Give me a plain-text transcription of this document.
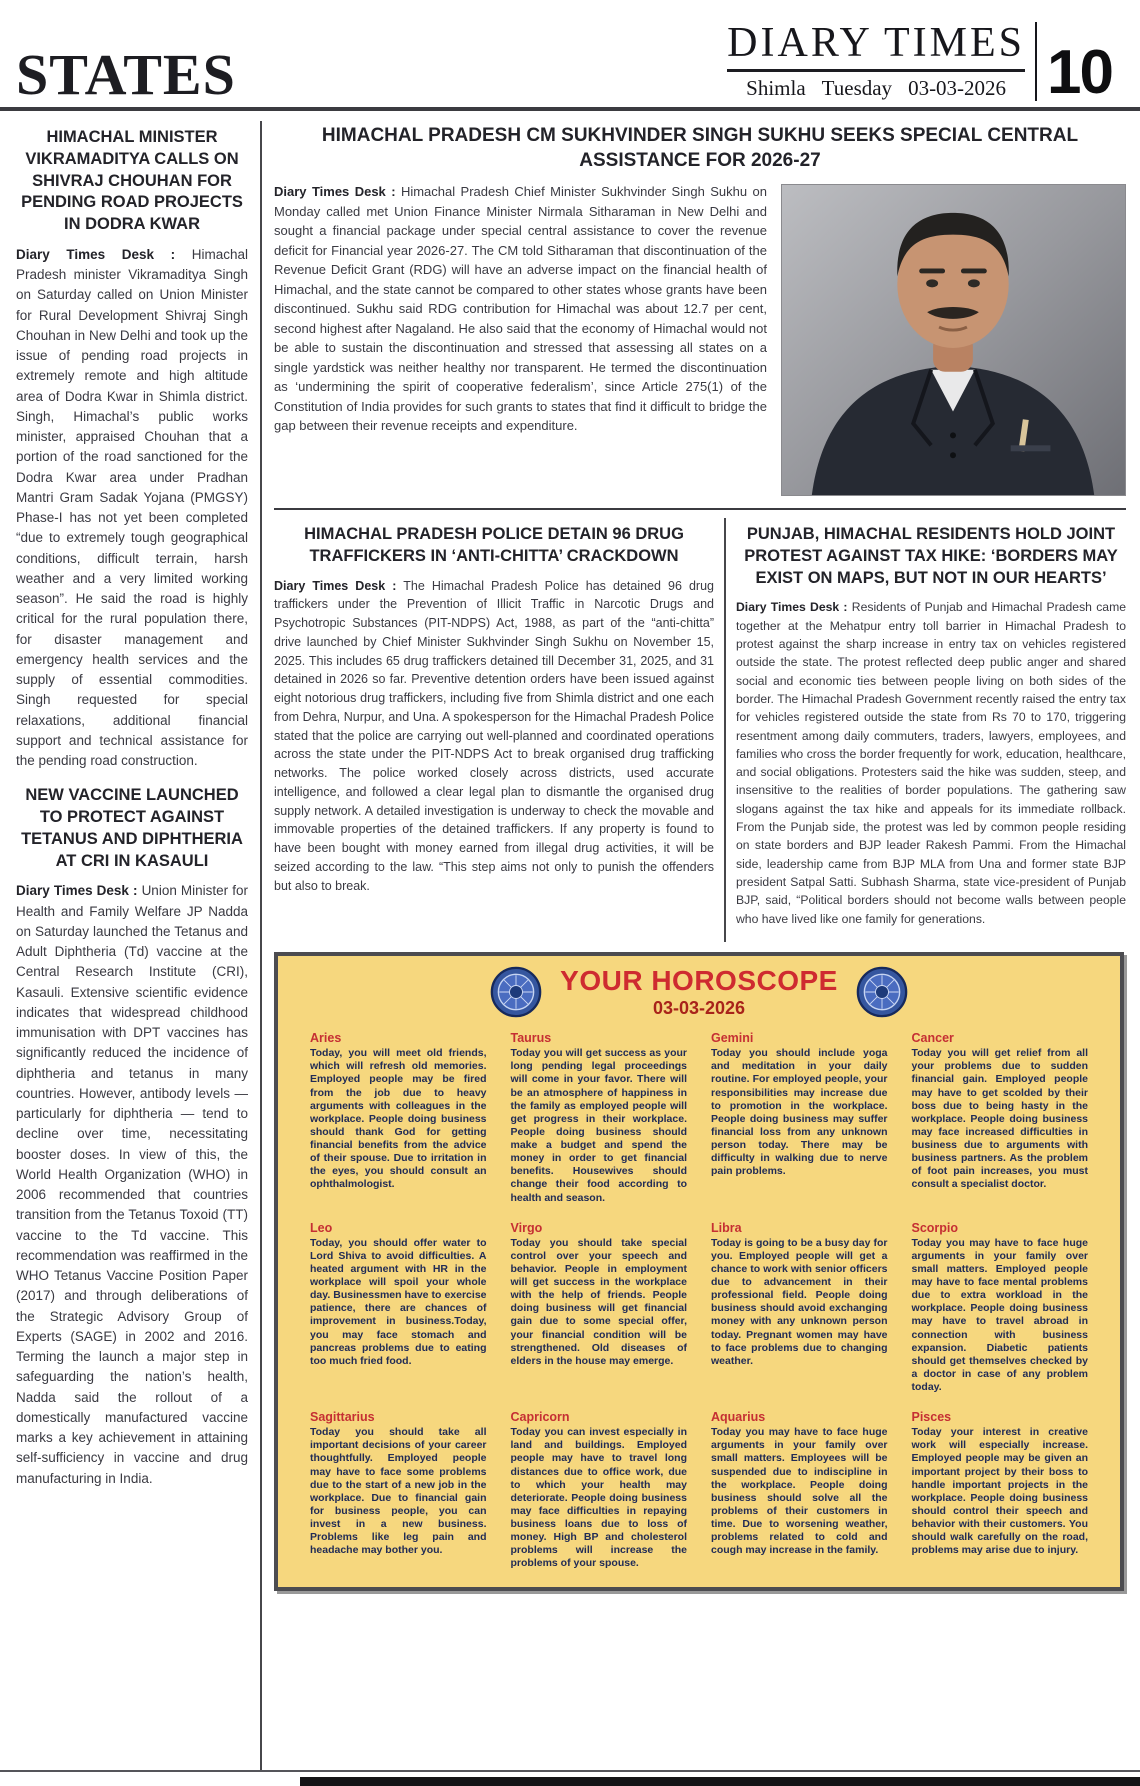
STATES	DIARY TIMES
Shimla Tuesday 03-03-2026 10
HIMACHAL MINISTER VIKRAMADITYA CALLS ON SHIVRAJ CHOUHAN FOR PENDING ROAD PROJECTS IN DODRA KWAR

Diary Times Desk : Himachal Pradesh minister Vikramaditya Singh on Saturday called on Union Minister for Rural Development Shivraj Singh Chouhan in New Delhi and took up the issue of pending road projects in extremely remote and high altitude area of Dodra Kwar in Shimla district. Singh, Himachal’s public works minister, appraised Chouhan that a portion of the road sanctioned for the Dodra Kwar area under Pradhan Mantri Gram Sadak Yojana (PMGSY) Phase-I has not yet been completed “due to extremely tough geographical conditions, difficult terrain, harsh weather and a very limited working season”. He said the road is highly critical for the rural population there, for disaster management and emergency health services and the supply of essential commodities. Singh requested for special relaxations, additional financial support and technical assistance for the pending road construction.

NEW VACCINE LAUNCHED TO PROTECT AGAINST TETANUS AND DIPHTHERIA AT CRI IN KASAULI

Diary Times Desk : Union Minister for Health and Family Welfare JP Nadda on Saturday launched the Tetanus and Adult Diphtheria (Td) vaccine at the Central Research Institute (CRI), Kasauli. Extensive scientific evidence indicates that widespread childhood immunisation with DPT vaccines has significantly reduced the incidence of diphtheria and tetanus in many countries. However, antibody levels — particularly for diphtheria — tend to decline over time, necessitating booster doses. In view of this, the World Health Organization (WHO) in 2006 recommended that countries transition from the Tetanus Toxoid (TT) vaccine to the Td vaccine. This recommendation was reaffirmed in the WHO Tetanus Vaccine Position Paper (2017) and through deliberations of the Strategic Advisory Group of Experts (SAGE) in 2002 and 2016. Terming the launch a major step in safeguarding the nation’s health, Nadda said the rollout of a domestically manufactured vaccine marks a key achievement in attaining self-sufficiency in vaccine and drug manufacturing in India.

HIMACHAL PRADESH CM SUKHVINDER SINGH SUKHU SEEKS SPECIAL CENTRAL ASSISTANCE FOR 2026-27

Diary Times Desk : Himachal Pradesh Chief Minister Sukhvinder Singh Sukhu on Monday called met Union Finance Minister Nirmala Sitharaman in New Delhi and sought a financial package under special central assistance to cover the revenue deficit for Financial year 2026-27. The CM told Sitharaman that discontinuation of the Revenue Deficit Grant (RDG) will have an adverse impact on the financial health of Himachal, and the state cannot be compared to other states whose grants have been discontinued. Sukhu said RDG contribution for Himachal was about 12.7 per cent, second highest after Nagaland. He also said that the economy of Himachal would not be able to sustain the discontinuation and stressed that assessing all states on a single yardstick was neither healthy nor transparent. He termed the discontinuation as ‘undermining the spirit of cooperative federalism’, since Article 275(1) of the Constitution of India provides for such grants to states that find it difficult to bridge the gap between their revenue receipts and expenditure.

HIMACHAL PRADESH POLICE DETAIN 96 DRUG TRAFFICKERS IN ‘ANTI-CHITTA’ CRACKDOWN

Diary Times Desk : The Himachal Pradesh Police has detained 96 drug traffickers under the Prevention of Illicit Traffic in Narcotic Drugs and Psychotropic Substances (PIT-NDPS) Act, 1988, as part of the “anti-chitta” drive launched by Chief Minister Sukhvinder Singh Sukhu on November 15, 2025. This includes 65 drug traffickers detained till December 31, 2025, and 31 detained in 2026 so far. Preventive detention orders have been issued against eight notorious drug traffickers, including five from Shimla district and one each from Dehra, Nurpur, and Una. A spokesperson for the Himachal Pradesh Police stated that the police are carrying out well-planned and coordinated operations across the state under the PIT-NDPS Act to break organised drug trafficking networks. The police worked closely across districts, used accurate intelligence, and followed a clear legal plan to dismantle the organised drug supply network. A detailed investigation is underway to check the movable and immovable properties of the detained traffickers. If any property is found to have been bought with money earned from illegal drug activities, it will be seized according to the law. “This step aims not only to punish the offenders but also to break.

PUNJAB, HIMACHAL RESIDENTS HOLD JOINT PROTEST AGAINST TAX HIKE: ‘BORDERS MAY EXIST ON MAPS, BUT NOT IN OUR HEARTS’

Diary Times Desk : Residents of Punjab and Himachal Pradesh came together at the Mehatpur entry toll barrier in Himachal Pradesh to protest against the sharp increase in entry tax on vehicles registered outside the state. The protest reflected deep public anger and shared social and economic ties between people living on both sides of the border. The Himachal Pradesh Government recently raised the entry tax for vehicles registered outside the state from Rs 70 to 170, triggering resentment among daily commuters, traders, lawyers, employees, and families who cross the border frequently for work, education, healthcare, and social obligations. Protesters said the hike was sudden, steep, and insensitive to the realities of border populations. The gathering saw slogans against the tax hike and appeals for its immediate rollback. From the Punjab side, the protest was led by common people residing on state borders and BJP leader Rakesh Pammi. From the Himachal side, leadership came from BJP MLA from Una and former state BJP president Satpal Satti. Subhash Sharma, state vice-president of Punjab BJP, said, “Political borders should not become walls between people who have lived like one family for generations.

YOUR HOROSCOPE
03-03-2026
Aries

Today, you will meet old friends, which will refresh old memories. Employed people may be fired from the job due to heavy arguments with colleagues in the workplace. People doing business should thank God for getting financial benefits from the advice of their spouse. Due to irritation in the eyes, you should consult an ophthalmologist.

Taurus

Today you will get success as your long pending legal proceedings will come in your favor. There will be an atmosphere of happiness in the family as employed people will get progress in their workplace. People doing business should make a budget and spend the money in order to get financial benefits. Housewives should change their food according to health and season.

Gemini

Today you should include yoga and meditation in your daily routine. For employed people, your responsibilities may increase due to promotion in the workplace. People doing business may suffer financial loss from any unknown person today. There may be difficulty in walking due to nerve pain problems.

Cancer

Today you will get relief from all your problems due to sudden financial gain. Employed people may have to get scolded by their boss due to being hasty in the workplace. People doing business may face increased difficulties in business due to arguments with business partners. As the problem of foot pain increases, you must consult a specialist doctor.

Leo

Today, you should offer water to Lord Shiva to avoid difficulties. A heated argument with HR in the workplace will spoil your whole day. Businessmen have to exercise patience, there are chances of improvement in business.Today, you may face stomach and pancreas problems due to eating too much fried food.

Virgo

Today you should take special control over your speech and behavior. People in employment will get success in the workplace with the help of friends. People doing business will get financial gain due to some special offer, your financial condition will be strengthened. Old diseases of elders in the house may emerge.

Libra

Today is going to be a busy day for you. Employed people will get a chance to work with senior officers due to advancement in their professional field. People doing business should avoid exchanging money with any unknown person today. Pregnant women may have to face problems due to changing weather.

Scorpio

Today you may have to face huge arguments in your family over small matters. Employed people may have to face mental problems due to extra workload in the workplace. People doing business may have to travel abroad in connection with business expansion. Diabetic patients should get themselves checked by a doctor in case of any problem today.

Sagittarius

Today you should take all important decisions of your career thoughtfully. Employed people may have to face some problems due to the start of a new job in the workplace. Due to financial gain for business people, you can invest in a new business. Problems like leg pain and headache may bother you.

Capricorn

Today you can invest especially in land and buildings. Employed people may have to travel long distances due to office work, due to which your health may deteriorate. People doing business may face difficulties in repaying business loans due to loss of money. High BP and cholesterol problems will increase the problems of your spouse.

Aquarius

Today you may have to face huge arguments in your family over small matters. Employees will be suspended due to indiscipline in the workplace. People doing business should solve all the problems of their customers in time. Due to worsening weather, problems related to cold and cough may increase in the family.

Pisces

Today your interest in creative work will especially increase. Employed people may be given an important project by their boss to handle important projects in the workplace. People doing business should control their speech and behavior with their customers. You should walk carefully on the road, problems may arise due to injury.
